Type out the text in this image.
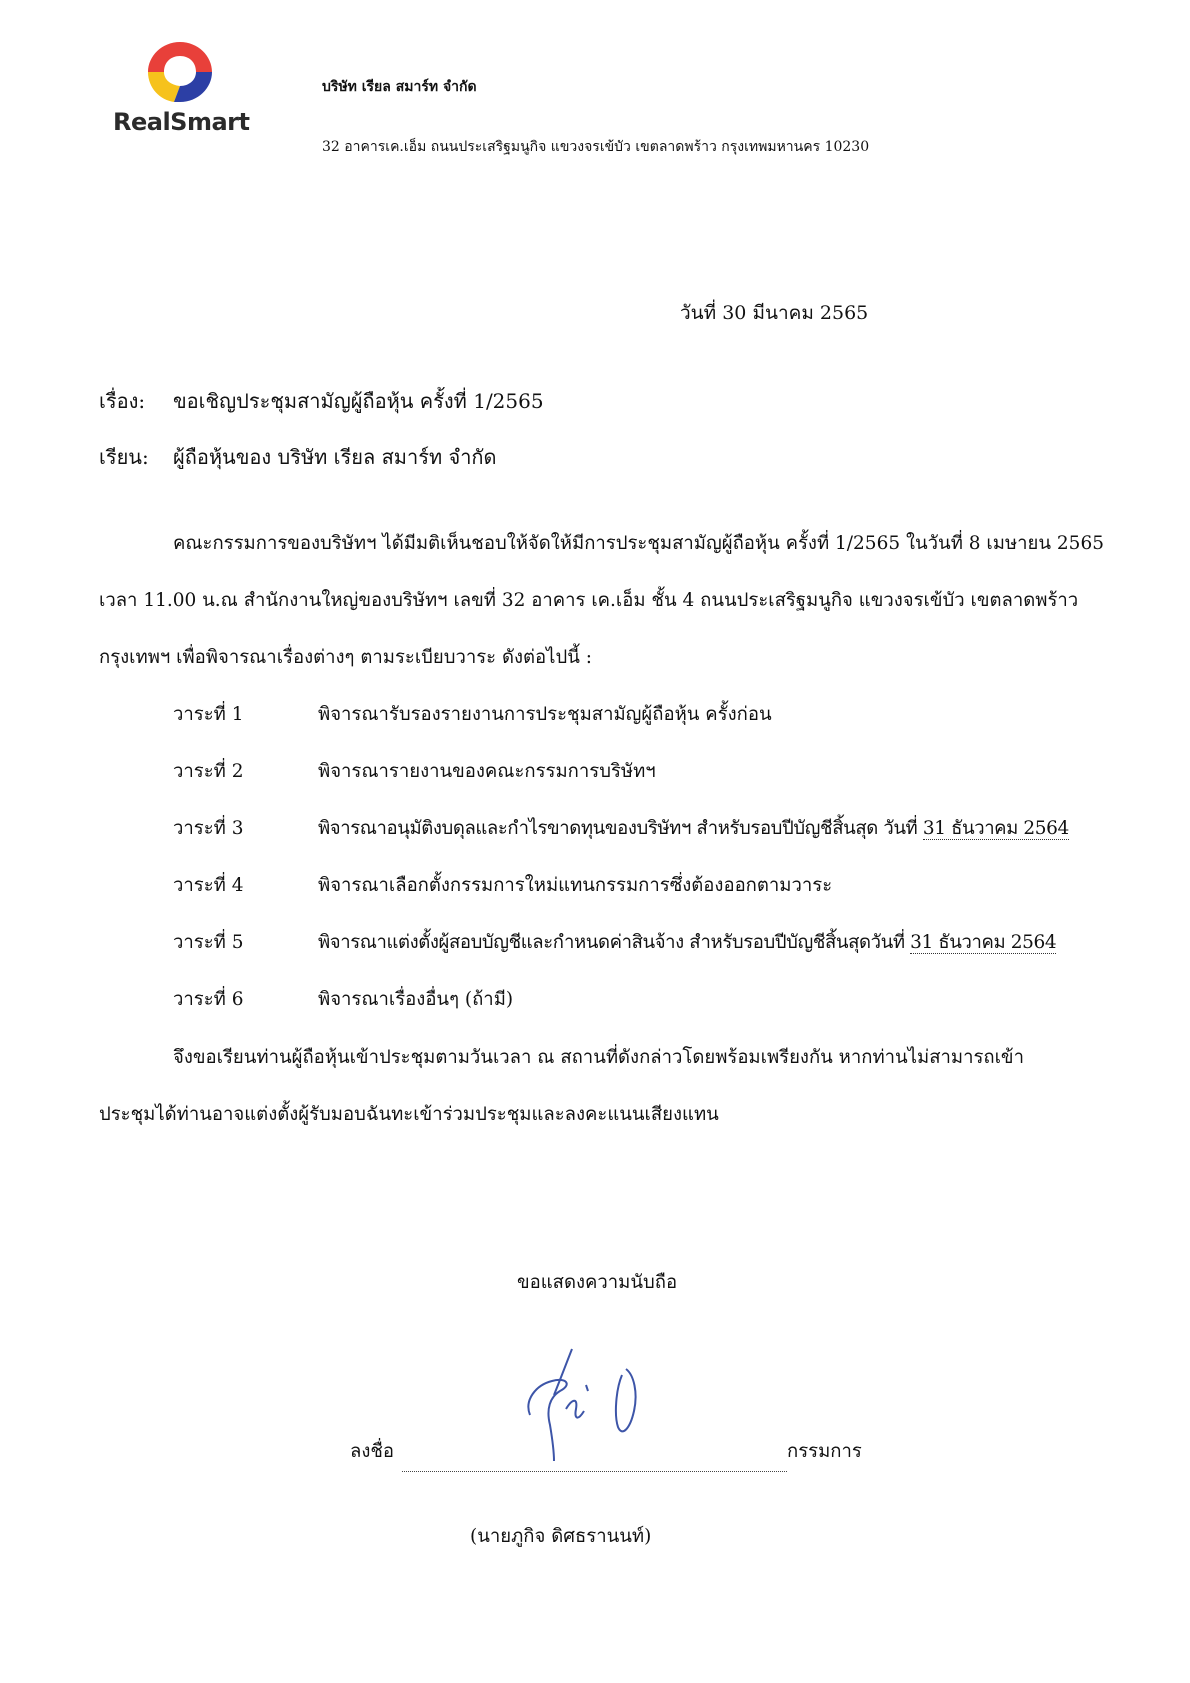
RealSmart
บริษัท เรียล สมาร์ท จำกัด
32 อาคารเค.เอ็ม ถนนประเสริฐมนูกิจ แขวงจรเข้บัว เขตลาดพร้าว กรุงเทพมหานคร 10230
วันที่ 30 มีนาคม 2565
เรื่อง: ขอเชิญประชุมสามัญผู้ถือหุ้น ครั้งที่ 1/2565
เรียน: ผู้ถือหุ้นของ บริษัท เรียล สมาร์ท จำกัด
คณะกรรมการของบริษัทฯ ได้มีมติเห็นชอบให้จัดให้มีการประชุมสามัญผู้ถือหุ้น ครั้งที่ 1/2565 ในวันที่ 8 เมษายน 2565
เวลา 11.00 น.ณ สำนักงานใหญ่ของบริษัทฯ เลขที่ 32 อาคาร เค.เอ็ม ชั้น 4 ถนนประเสริฐมนูกิจ แขวงจรเข้บัว เขตลาดพร้าว
กรุงเทพฯ เพื่อพิจารณาเรื่องต่างๆ ตามระเบียบวาระ ดังต่อไปนี้ :
วาระที่ 1	พิจารณารับรองรายงานการประชุมสามัญผู้ถือหุ้น ครั้งก่อน
วาระที่ 2	พิจารณารายงานของคณะกรรมการบริษัทฯ
วาระที่ 3	พิจารณาอนุมัติงบดุลและกำไรขาดทุนของบริษัทฯ สำหรับรอบปีบัญชีสิ้นสุด วันที่ 31 ธันวาคม 2564
วาระที่ 4	พิจารณาเลือกตั้งกรรมการใหม่แทนกรรมการซึ่งต้องออกตามวาระ
วาระที่ 5	พิจารณาแต่งตั้งผู้สอบบัญชีและกำหนดค่าสินจ้าง สำหรับรอบปีบัญชีสิ้นสุดวันที่ 31 ธันวาคม 2564
วาระที่ 6	พิจารณาเรื่องอื่นๆ (ถ้ามี)
จึงขอเรียนท่านผู้ถือหุ้นเข้าประชุมตามวันเวลา ณ สถานที่ดังกล่าวโดยพร้อมเพรียงกัน หากท่านไม่สามารถเข้า
ประชุมได้ท่านอาจแต่งตั้งผู้รับมอบฉันทะเข้าร่วมประชุมและลงคะแนนเสียงแทน
ขอแสดงความนับถือ
ลงชื่อ	กรรมการ
(นายภูกิจ ดิศธรานนท์)
